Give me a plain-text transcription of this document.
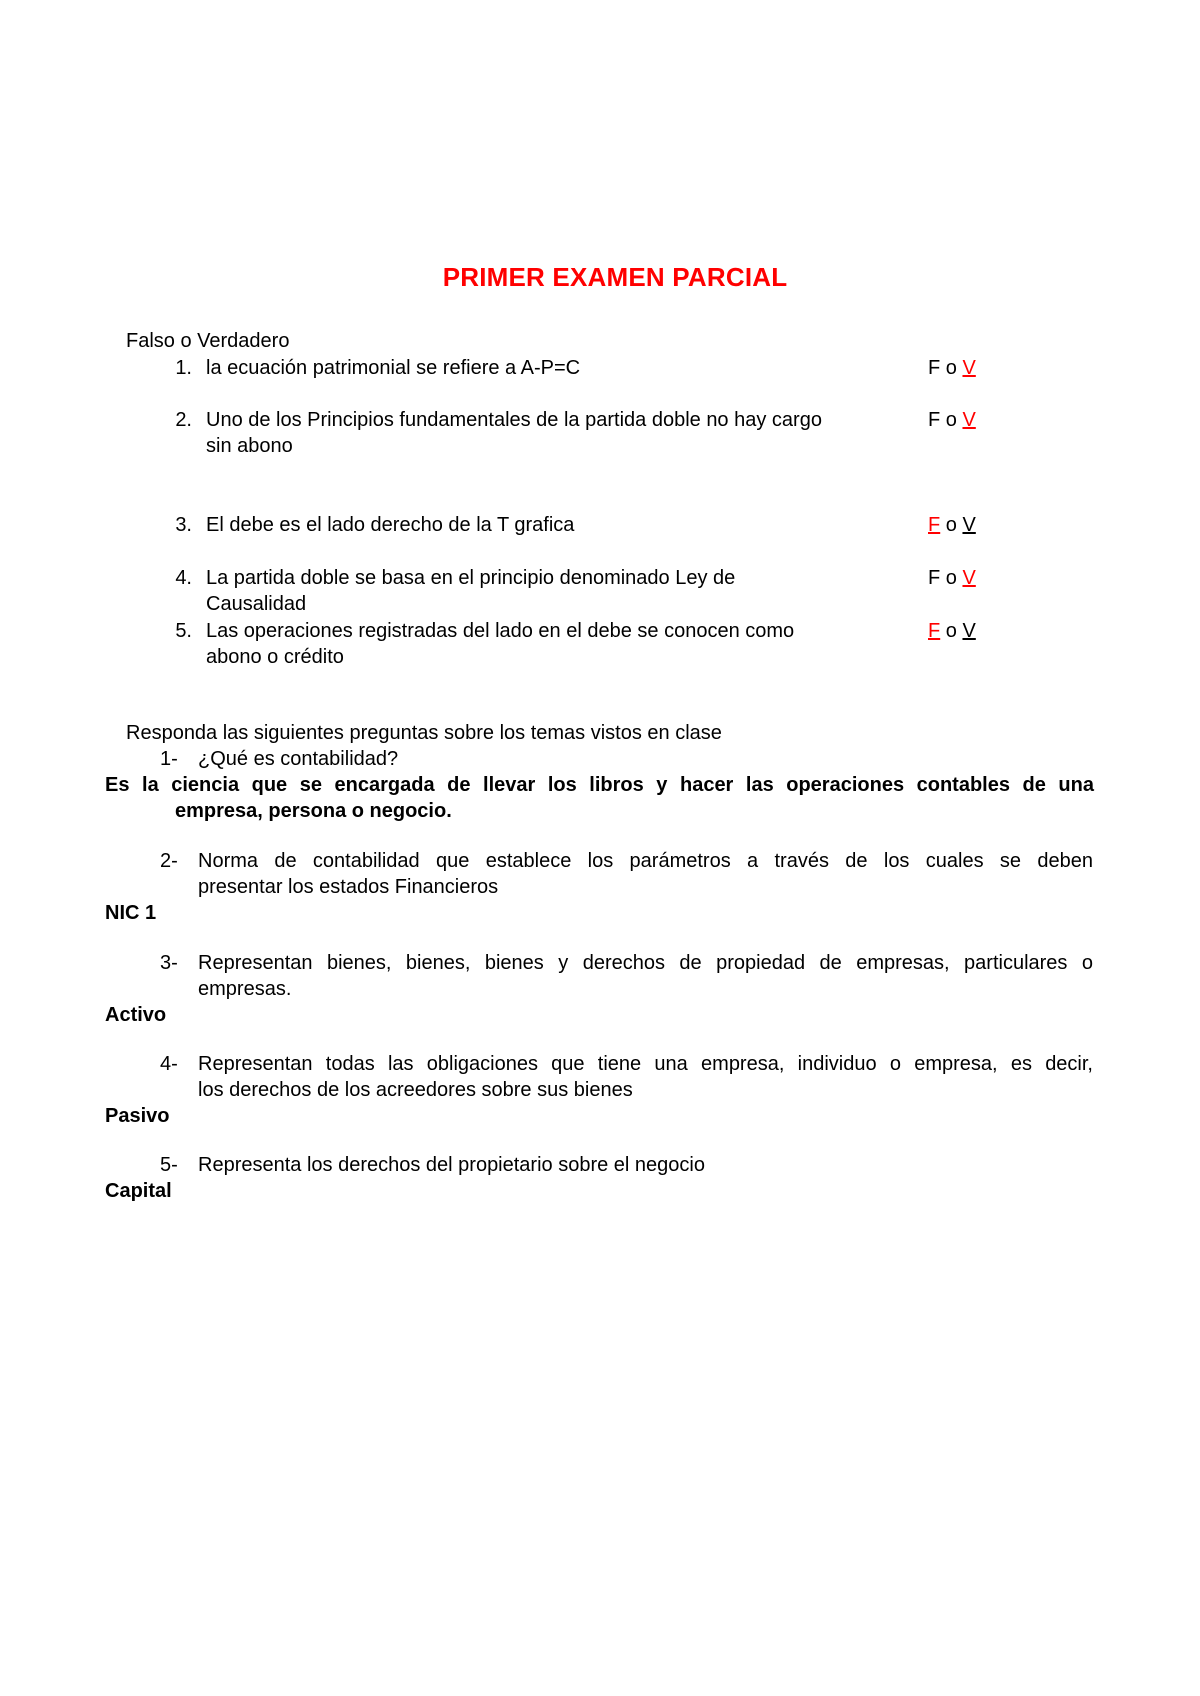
PRIMER EXAMEN PARCIAL
Falso o Verdadero
1. la ecuación patrimonial se refiere a A-P=C	F o V
2. Uno de los Principios fundamentales de la partida doble no hay cargo
sin abono
F o V
3. El debe es el lado derecho de la T grafica	F o V
4. La partida doble se basa en el principio denominado Ley de
Causalidad
F o V
5. Las operaciones registradas del lado en el debe se conocen como
abono o crédito
F o V
Responda las siguientes preguntas sobre los temas vistos en clase
1- ¿Qué es contabilidad?
Es la ciencia que se encargada de llevar los libros y hacer las operaciones contables de una
empresa, persona o negocio.
2- Norma de contabilidad que establece los parámetros a través de los cuales se deben
presentar los estados Financieros
NIC 1
3- Representan bienes, bienes, bienes y derechos de propiedad de empresas, particulares o
empresas.
Activo
4- Representan todas las obligaciones que tiene una empresa, individuo o empresa, es decir,
los derechos de los acreedores sobre sus bienes
Pasivo
5- Representa los derechos del propietario sobre el negocio
Capital
